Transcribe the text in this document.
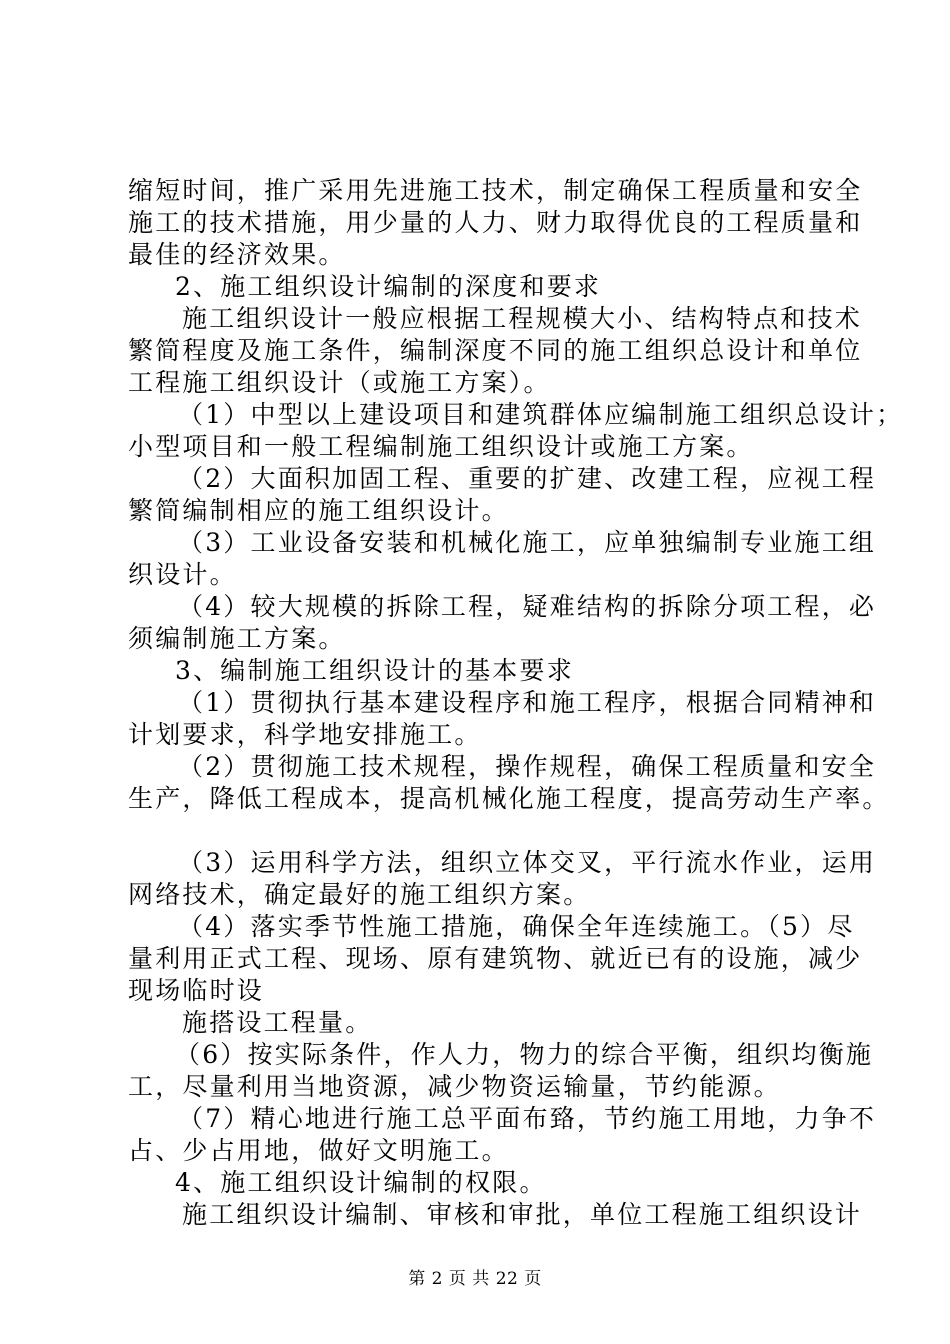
缩短时间，推广采用先进施工技术，制定确保工程质量和安全
施工的技术措施，用少量的人力、财力取得优良的工程质量和
最佳的经济效果。
2、施工组织设计编制的深度和要求
施工组织设计一般应根据工程规模大小、结构特点和技术
繁简程度及施工条件，编制深度不同的施工组织总设计和单位
工程施工组织设计（或施工方案）。
（1）中型以上建设项目和建筑群体应编制施工组织总设计；
小型项目和一般工程编制施工组织设计或施工方案。
（2）大面积加固工程、重要的扩建、改建工程，应视工程
繁简编制相应的施工组织设计。
（3）工业设备安装和机械化施工，应单独编制专业施工组
织设计。
（4）较大规模的拆除工程，疑难结构的拆除分项工程，必
须编制施工方案。
3、编制施工组织设计的基本要求
（1）贯彻执行基本建设程序和施工程序，根据合同精神和
计划要求，科学地安排施工。
（2）贯彻施工技术规程，操作规程，确保工程质量和安全
生产，降低工程成本，提高机械化施工程度，提高劳动生产率。
（3）运用科学方法，组织立体交叉，平行流水作业，运用
网络技术，确定最好的施工组织方案。
（4）落实季节性施工措施，确保全年连续施工。（5）尽
量利用正式工程、现场、原有建筑物、就近已有的设施，减少
现场临时设
施搭设工程量。
（6）按实际条件，作人力，物力的综合平衡，组织均衡施
工，尽量利用当地资源，减少物资运输量，节约能源。
（7）精心地进行施工总平面布臵，节约施工用地，力争不
占、少占用地，做好文明施工。
4、施工组织设计编制的权限。
施工组织设计编制、审核和审批，单位工程施工组织设计
第 2 页 共 22 页
